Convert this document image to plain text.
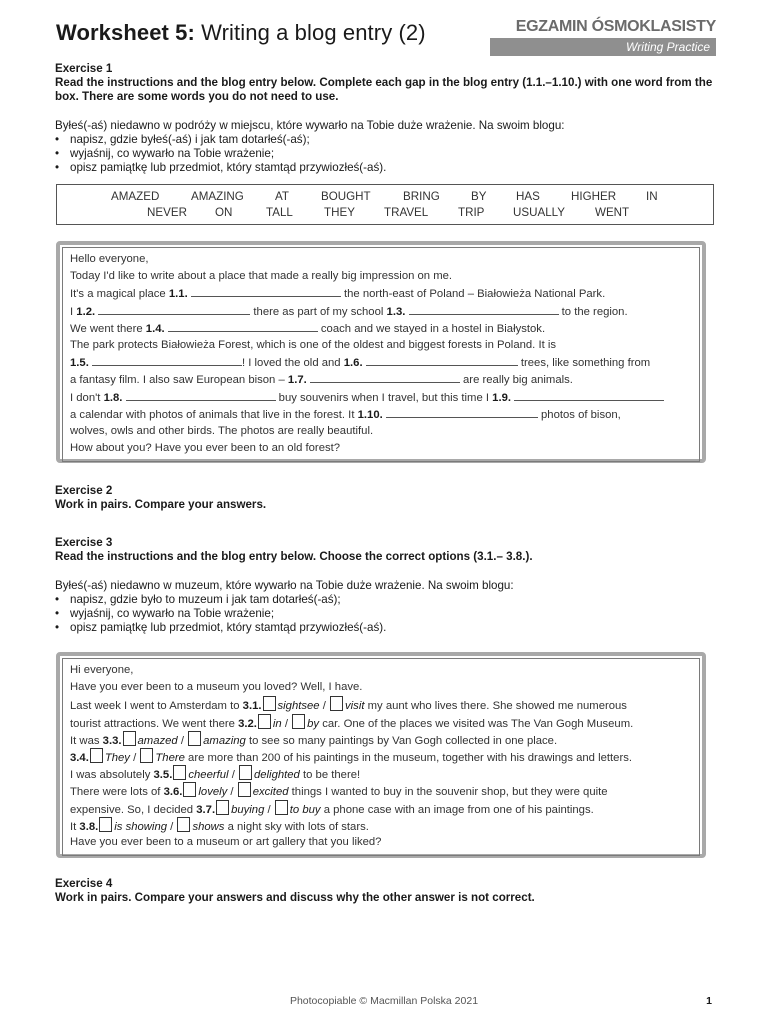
Worksheet 5: Writing a blog entry (2)	EGZAMIN ÓSMOKLASISTY
Writing Practice
Exercise 1
Read the instructions and the blog entry below. Complete each gap in the blog entry (1.1.–1.10.) with one word from the box. There are some words you do not need to use.
Byłeś(-aś) niedawno w podróży w miejscu, które wywarło na Tobie duże wrażenie. Na swoim blogu:
• napisz, gdzie byłeś(-aś) i jak tam dotarłeś(-aś);
• wyjaśnij, co wywarło na Tobie wrażenie;
• opisz pamiątkę lub przedmiot, który stamtąd przywiozłeś(-aś).
AMAZED	AMAZING	AT	BOUGHT	BRING	BY	HAS	HIGHER	IN
NEVER ON	TALL	THEY	TRAVEL	TRIP USUALLY	WENT
Hello everyone,
Today I'd like to write about a place that made a really big impression on me.
It's a magical place 1.1.	the north-east of Poland – Białowieża National Park.
I 1.2.	there as part of my school 1.3.	to the region.
We went there 1.4.	coach and we stayed in a hostel in Białystok.
The park protects Białowieża Forest, which is one of the oldest and biggest forests in Poland. It is
1.5.	! I loved the old and 1.6.	trees, like something from
a fantasy film. I also saw European bison – 1.7.	are really big animals.
I don't 1.8.	buy souvenirs when I travel, but this time I 1.9.
a calendar with photos of animals that live in the forest. It 1.10.	photos of bison,
wolves, owls and other birds. The photos are really beautiful.
How about you? Have you ever been to an old forest?
Exercise 2
Work in pairs. Compare your answers.
Exercise 3
Read the instructions and the blog entry below. Choose the correct options (3.1.– 3.8.).
Byłeś(-aś) niedawno w muzeum, które wywarło na Tobie duże wrażenie. Na swoim blogu:
• napisz, gdzie było to muzeum i jak tam dotarłeś(-aś);
• wyjaśnij, co wywarło na Tobie wrażenie;
• opisz pamiątkę lub przedmiot, który stamtąd przywiozłeś(-aś).
Hi everyone,
Have you ever been to a museum you loved? Well, I have.
Last week I went to Amsterdam to 3.1. sightsee / visit my aunt who lives there. She showed me numerous
tourist attractions. We went there 3.2. in / by car. One of the places we visited was The Van Gogh Museum.
It was 3.3. amazed / amazing to see so many paintings by Van Gogh collected in one place.
3.4. They / There are more than 200 of his paintings in the museum, together with his drawings and letters.
I was absolutely 3.5. cheerful / delighted to be there!
There were lots of 3.6. lovely / excited things I wanted to buy in the souvenir shop, but they were quite
expensive. So, I decided 3.7. buying / to buy a phone case with an image from one of his paintings.
It 3.8. is showing / shows a night sky with lots of stars.
Have you ever been to a museum or art gallery that you liked?
Exercise 4
Work in pairs. Compare your answers and discuss why the other answer is not correct.
Photocopiable © Macmillan Polska 2021	1
